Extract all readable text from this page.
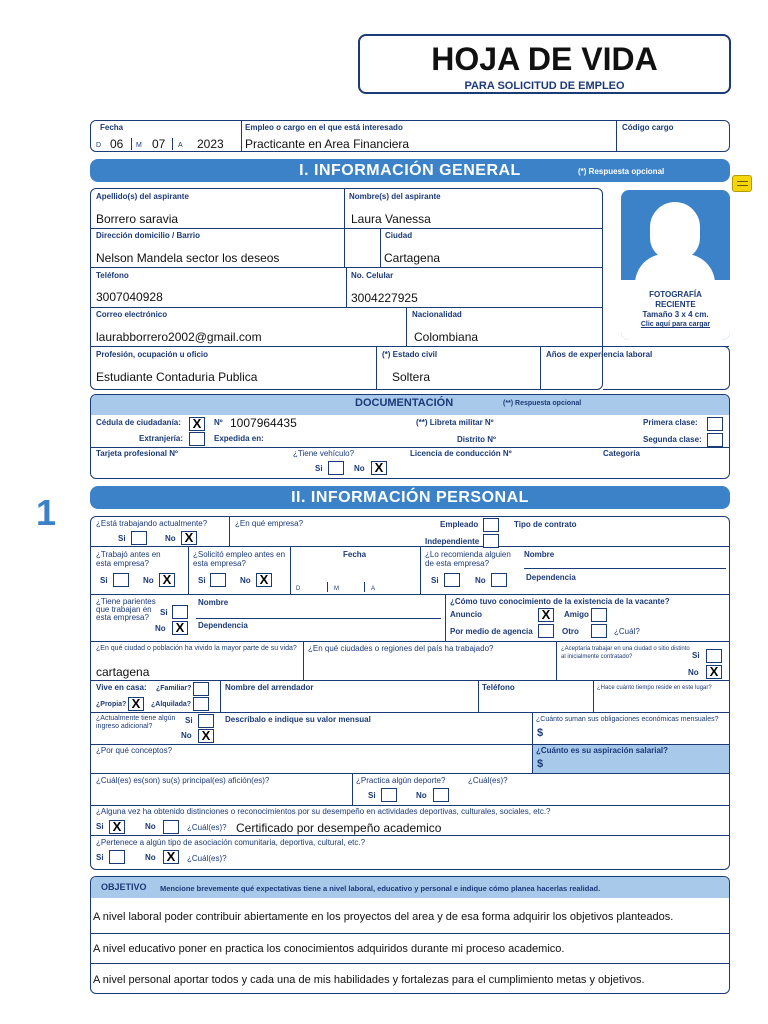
HOJA DE VIDA
PARA SOLICITUD DE EMPLEO
Fecha	Empleo o cargo en el que está interesado	Código cargo
D 06 M 07 A 2023 Practicante en Area Financiera
I. INFORMACIÓN GENERAL	(*) Respuesta opcional
Apellido(s) del aspirante
Borrero saravia
Nombre(s) del aspirante
Laura Vanessa
Dirección domicilio / Barrio
Nelson Mandela sector los deseos
Ciudad
Cartagena
Teléfono
3007040928
No. Celular
3004227925
Correo electrónico
laurabborrero2002@gmail.com
Nacionalidad
Colombiana
Profesión, ocupación u oficio
Estudiante Contaduria Publica
(*) Estado civil
Soltera
Años de experiencia laboral
FOTOGRAFÍA
RECIENTE
Tamaño 3 x 4 cm.
Clic aquí para cargar
DOCUMENTACIÓN	(**) Respuesta opcional
Cédula de ciudadanía: X	Nº 1007964435
Extranjería:	Expedida en:
(**) Libreta militar Nº
Distrito Nº
Primera clase:
Segunda clase:
Tarjeta profesional Nº	¿Tiene vehículo?
Si	No X
Licencia de conducción Nº	Categoría
1	II. INFORMACIÓN PERSONAL
¿Está trabajando actualmente?
Si	No X
¿En qué empresa?	Empleado
Independiente
Tipo de contrato
¿Trabajó antes en esta empresa?
Si	No X
¿Solicitó empleo antes en esta empresa?
Si	No X
Fecha
D	M	A
¿Lo recomienda alguien de esta empresa?
Si	No
Nombre
Dependencia
¿Tiene parientes que trabajan en esta empresa?
Si
No X
Nombre
Dependencia
¿Cómo tuvo conocimiento de la existencia de la vacante?
Anuncio	X	Amigo
Por medio de agencia	Otro	¿Cuál?
¿En qué ciudad o población ha vivido la mayor parte de su vida?
cartagena
¿En qué ciudades o regiones del país ha trabajado?	¿Aceptaría trabajar en una ciudad o sitio distinto al inicialmente contratado?	Si
No X
Vive en casa: ¿Familiar?
¿Propia? X	¿Alquilada?
Nombre del arrendador	Teléfono	¿Hace cuánto tiempo reside en este lugar?
¿Actualmente tiene algún ingreso adicional?
Si
No X
Descríbalo e indique su valor mensual	¿Cuánto suman sus obligaciones económicas mensuales?
$
¿Por qué conceptos?	¿Cuánto es su aspiración salarial?
$
¿Cuál(es) es(son) su(s) principal(es) afición(es)?	¿Practica algún deporte?	¿Cuál(es)?
Si	No
¿Alguna vez ha obtenido distinciones o reconocimientos por su desempeño en actividades deportivas, culturales, sociales, etc.?
Si X	No	¿Cuál(es)? Certificado por desempeño academico
¿Pertenece a algún tipo de asociación comunitaria, deportiva, cultural, etc.?
Si	No X	¿Cuál(es)?
OBJETIVO Mencione brevemente qué expectativas tiene a nivel laboral, educativo y personal e indique cómo planea hacerlas realidad.
A nivel laboral poder contribuir abiertamente en los proyectos del area y de esa forma adquirir los objetivos planteados.
A nivel educativo poner en practica los conocimientos adquiridos durante mi proceso academico.
A nivel personal aportar todos y cada una de mis habilidades y fortalezas para el cumplimiento metas y objetivos.
